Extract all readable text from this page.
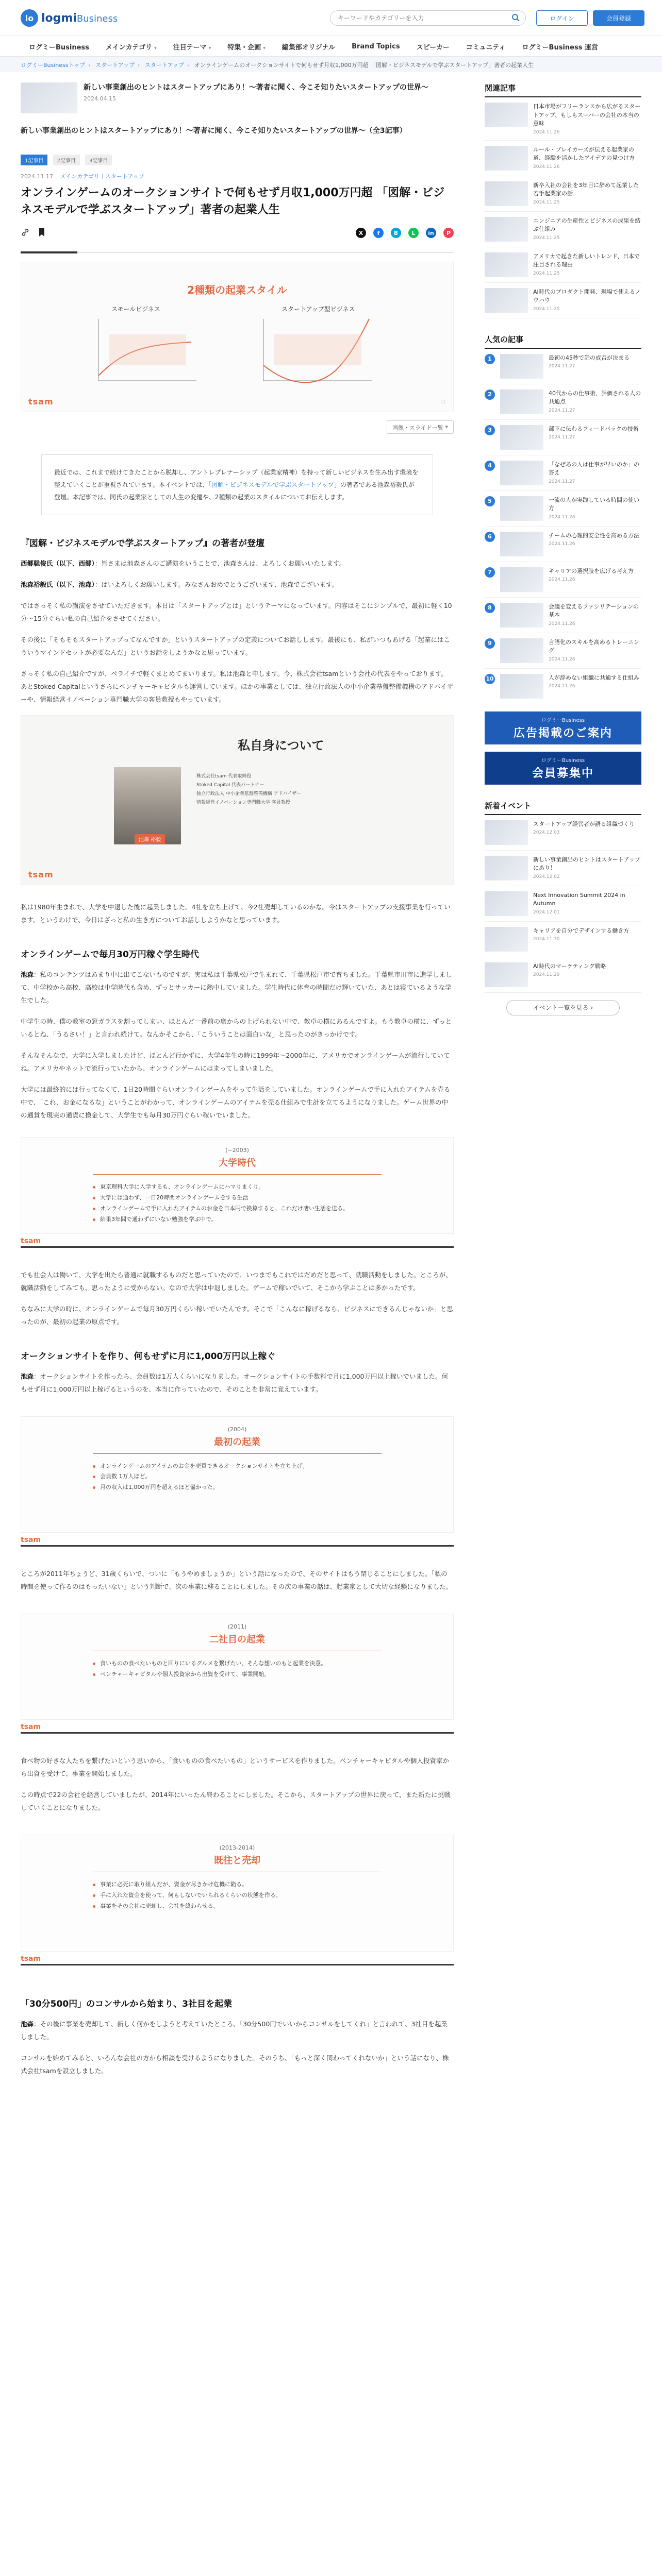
lo logmiBusiness
キーワードやカテゴリーを入力	ログイン	会員登録
ログミーBusiness	メインカテゴリ ▾	注目テーマ ▾	特集・企画 ▾	編集部オリジナル	Brand Topics	スピーカー	コミュニティ	ログミーBusiness 運営
ログミーBusinessトップ › スタートアップ › スタートアップ › オンラインゲームのオークションサイトで何もせず月収1,000万円超 「図解・ビジネスモデルで学ぶスタートアップ」著者の起業人生
新しい事業創出のヒントはスタートアップにあり！～著者に聞く、今こそ知りたいスタートアップの世界～
2024.04.15
新しい事業創出のヒントはスタートアップにあり！～著者に聞く、今こそ知りたいスタートアップの世界～（全3記事）
1記事目	2記事目	3記事目
2024.11.17 メインカテゴリ｜スタートアップ
オンラインゲームのオークションサイトで何もせず月収1,000万円超 「図解・ビジネスモデルで学ぶスタートアップ」著者の起業人生
X	f	B	L	in	P
2種類の起業スタイル
スモールビジネス	スタートアップ型ビジネス
tsam	▢
画像・スライド一覧 ▾
最近では、これまで続けてきたことから脱却し、アントレプレナーシップ（起業家精神）を持って新しいビジネスを生み出す環境を整えていくことが重視されています。本イベントでは、「図解・ビジネスモデルで学ぶスタートアップ」の著者である池森裕毅氏が登壇。本記事では、同氏の起業家としての人生の変遷や、2種類の起業のスタイルについてお伝えします。
『図解・ビジネスモデルで学ぶスタートアップ』の著者が登壇

西郷聡俊氏（以下、西郷）：皆さまは池森さんのご講演をいうことで、池森さんは、よろしくお願いいたします。

池森裕毅氏（以下、池森）：はいよろしくお願いします。みなさんおめでとうございます、池森でございます。

ではさっそく私の講演をさせていただきます。本日は「スタートアップとは」というテーマになっています。内容はそこにシンプルで、最初に軽く10分～15分ぐらい私の自己紹介をさせてください。

その後に「そもそもスタートアップってなんですか」というスタートアップの定義についてお話しします。最後にも、私がいつもあげる「起業にはこういうマインドセットが必要なんだ」というお話をしようかなと思っています。

さっそく私の自己紹介ですが、ペライチで軽くまとめてまいります。私は池森と申します。今、株式会社tsamという会社の代表をやっております。あとStoked Capitalというさらにベンチャーキャピタルも運営しています。ほかの事業としては、独立行政法人の中小企業基盤整備機構のアドバイザーや、情報経営イノベーション専門職大学の客員教授もやっています。

私自身について
池森 裕毅
株式会社tsam 代表取締役
Stoked Capital 代表パートナー
独立行政法人 中小企業基盤整備機構 アドバイザー
情報経営イノベーション専門職大学 客員教授
tsam

私は1980年生まれで、大学を中退した後に起業しました。4社を立ち上げて、今2社売却しているのかな。今はスタートアップの支援事業を行っています。というわけで、今日はざっと私の生き方についてお話ししようかなと思っています。

オンラインゲームで毎月30万円稼ぐ学生時代

池森：私のコンテンツはあまり中に出てこないものですが、実は私は千葉県松戸で生まれて、千葉県松戸市で育ちました。千葉県市川市に進学しまして、中学校から高校、高校は中学時代も含め、ずっとサッカーに熱中していました。学生時代に体育の時間だけ輝いていた、あとは寝ているような学生でした。

中学生の時、僕の教室の窓ガラスを割ってしまい、ほとんど一番前の席からの上げられない中で、教卓の横にあるんですよ。もう教卓の横に、ずっといるとね、「うるさい！」と言われ続けて。なんかそこから、「こういうことは面白いな」と思ったのがきっかけです。

そんなそんなで、大学に入学しましたけど、ほとんど行かずに、大学4年生の時に1999年～2000年に、アメリカでオンラインゲームが流行していてね。アメリカやネットで流行っていたから、オンラインゲームにはまってしまいました。

大学には最終的には行ってなくて、1日20時間ぐらいオンラインゲームをやって生活をしていました。オンラインゲームで手に入れたアイテムを売る中で、「これ、お金になるな」ということがわかって、オンラインゲームのアイテムを売る仕組みで生計を立てるようになりました。ゲーム世界の中の通貨を現実の通貨に換金して、大学生でも毎月30万円ぐらい稼いでいました。

(~2003)
大学時代
東京理科大学に入学するも、オンラインゲームにハマりまくり。
大学には通わず、一日20時間オンラインゲームをする生活
オンラインゲームで手に入れたアイテムのお金を日本円で換算すると、これだけ凄い生活を送る。
結果3年間で通わずにいない勉強を学ぶ中で。
tsam

でも社会人は働いて、大学を出たら普通に就職するものだと思っていたので、いつまでもこれではだめだと思って、就職活動をしました。ところが、就職活動をしてみても、思ったように受からない。なので大学は中退しました。ゲームで稼いでいて、そこから学ぶことは多かったです。

ちなみに大学の時に、オンラインゲームで毎月30万円くらい稼いでいたんです。そこで「こんなに稼げるなら、ビジネスにできるんじゃないか」と思ったのが、最初の起業の原点です。

オークションサイトを作り、何もせずに月に1,000万円以上稼ぐ

池森：オークションサイトを作ったら、会員数は1万人くらいになりました。オークションサイトの手数料で月に1,000万円以上稼いでいました。何もせず月に1,000万円以上稼げるというのを、本当に作っていたので、そのことを非常に覚えています。

(2004)
最初の起業
オンラインゲームのアイテムのお金を売買できるオークションサイトを立ち上げ。
会員数 1万人ほど。
月の収入は1,000万円を超えるほど儲かった。
tsam

ところが2011年ちょうど、31歳くらいで、ついに「もうやめましょうか」という話になったので、そのサイトはもう閉じることにしました。「私の時間を使って作るのはもったいない」という判断で、次の事業に移ることにしました。その次の事業の話は、起業家として大切な経験になりました。

(2011)
二社目の起業
食いものの食べたいものと回りにいるグルメを繋げたい、そんな想いのもと起業を決意。
ベンチャーキャピタルや個人投資家から出資を受けて、事業開始。
tsam

食べ物の好きな人たちを繋げたいという思いから、「食いものの食べたいもの」というサービスを作りました。ベンチャーキャピタルや個人投資家から出資を受けて、事業を開始しました。

この時点で22の会社を経営していましたが、2014年にいったん終わることにしました。そこから、スタートアップの世界に戻って、また新たに挑戦していくことになりました。

(2013-2014)
既往と売却
事業に必死に取り組んだが、資金が尽きかけ危機に陥る。
手に入れた資金を使って、何もしないでいられるくらいの状態を作る。
事業をその会社に売却し、会社を終わらせる。
tsam
「30分500円」のコンサルから始まり、3社目を起業

池森：その後に事業を売却して、新しく何かをしようと考えていたところ、「30分500円でいいからコンサルをしてくれ」と言われて、3社目を起業しました。

コンサルを始めてみると、いろんな会社の方から相談を受けるようになりました。そのうち、「もっと深く関わってくれないか」という話になり、株式会社tsamを設立しました。

関連記事
日本市場がフリーランスから広がるスタートアップ、もしもスーパーの会社の本当の意味
2024.11.26
ルール・ブレイカーズが伝える起業家の道、経験を活かしたアイデアの見つけ方
2024.11.26
新卒入社の会社を3年目に辞めて起業した若手起業家の話
2024.11.25
エンジニアの生産性とビジネスの成果を結ぶ仕組み
2024.11.25
アメリカで起きた新しいトレンド、日本で注目される理由
2024.11.25
AI時代のプロダクト開発、現場で使えるノウハウ
2024.11.25
人気の記事
1	最初の45秒で話の成否が決まる
2024.11.27
2	40代からの仕事術、評価される人の共通点
2024.11.27
3	部下に伝わるフィードバックの技術
2024.11.27
4	「なぜあの人は仕事が早いのか」の答え
2024.11.27
5	一流の人が実践している時間の使い方
2024.11.26
6	チームの心理的安全性を高める方法
2024.11.26
7	キャリアの選択肢を広げる考え方
2024.11.26
8	会議を変えるファシリテーションの基本
2024.11.26
9	言語化のスキルを高めるトレーニング
2024.11.26
10	人が辞めない組織に共通する仕組み
2024.11.26
ログミーBusiness
広告掲載のご案内
ログミーBusiness
会員募集中
新着イベント
スタートアップ経営者が語る組織づくり
2024.12.03
新しい事業創出のヒントはスタートアップにあり！
2024.12.02
Next Innovation Summit 2024 in Autumn
2024.12.01
キャリアを自分でデザインする働き方
2024.11.30
AI時代のマーケティング戦略
2024.11.29
イベント一覧を見る
›
